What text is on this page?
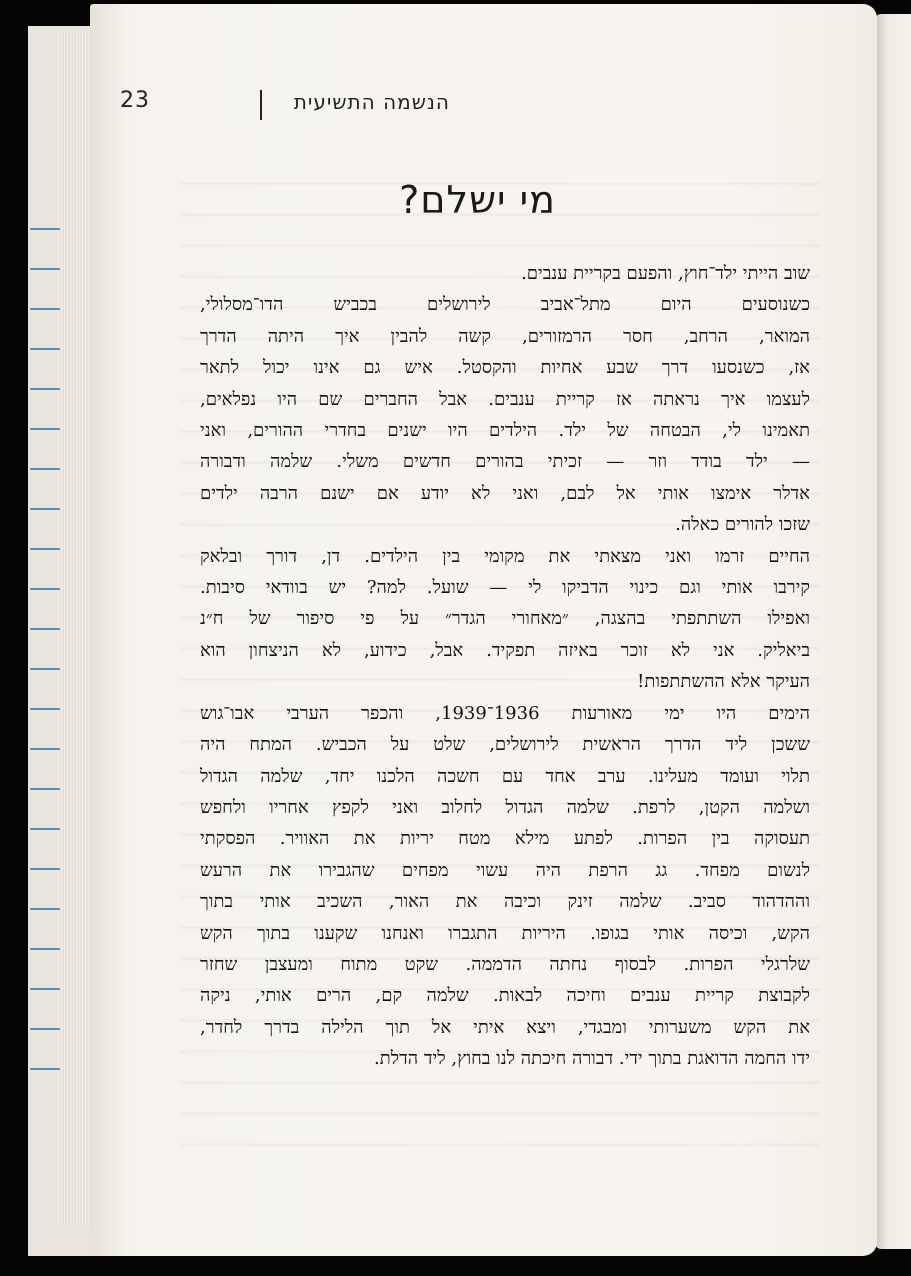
23	הנשמה התשיעית
מי ישלם?

שוב הייתי ילד־חוץ, והפעם בקריית ענבים.

כשנוסעים היום מתל־אביב לירושלים בכביש הדו־מסלולי,
המואר, הרחב, חסר הרמזורים, קשה להבין איך היתה הדרך
אז, כשנסעו דרך שבע אחיות והקסטל. איש גם אינו יכול לתאר
לעצמו איך נראתה אז קריית ענבים. אבל החברים שם היו נפלאים,
תאמינו לי, הבטחה של ילד. הילדים היו ישנים בחדרי ההורים, ואני
— ילד בודד וזר — זכיתי בהורים חדשים משלי. שלמה ודבורה
אדלר אימצו אותי אל לבם, ואני לא יודע אם ישנם הרבה ילדים
שזכו להורים כאלה.

החיים זרמו ואני מצאתי את מקומי בין הילדים. דן, דורך ובלאק
קירבו אותי וגם כינוי הדביקו לי — שועל. למה? יש בוודאי סיבות.
ואפילו השתתפתי בהצגה, ״מאחורי הגדר״ על פי סיפור של ח״נ
ביאליק. אני לא זוכר באיזה תפקיד. אבל, כידוע, לא הניצחון הוא
העיקר אלא ההשתתפות!

הימים היו ימי מאורעות 1936־1939, והכפר הערבי אבו־גוש
ששכן ליד הדרך הראשית לירושלים, שלט על הכביש. המתח היה
תלוי ועומד מעלינו. ערב אחד עם חשכה הלכנו יחד, שלמה הגדול
ושלמה הקטן, לרפת. שלמה הגדול לחלוב ואני לקפץ אחריו ולחפש
תעסוקה בין הפרות. לפתע מילא מטח יריות את האוויר. הפסקתי
לנשום מפחד. גג הרפת היה עשוי מפחים שהגבירו את הרעש
וההדהוד סביב. שלמה זינק וכיבה את האור, השכיב אותי בתוך
הקש, וכיסה אותי בגופו. היריות התגברו ואנחנו שקענו בתוך הקש
שלרגלי הפרות. לבסוף נחתה הדממה. שקט מתוח ומעצבן שחזר
לקבוצת קריית ענבים וחיכה לבאות. שלמה קם, הרים אותי, ניקה
את הקש משערותי ומבגדי, ויצא איתי אל תוך הלילה בדרך לחדר,
ידו החמה הדואגת בתוך ידי. דבורה חיכתה לנו בחוץ, ליד הדלת.
